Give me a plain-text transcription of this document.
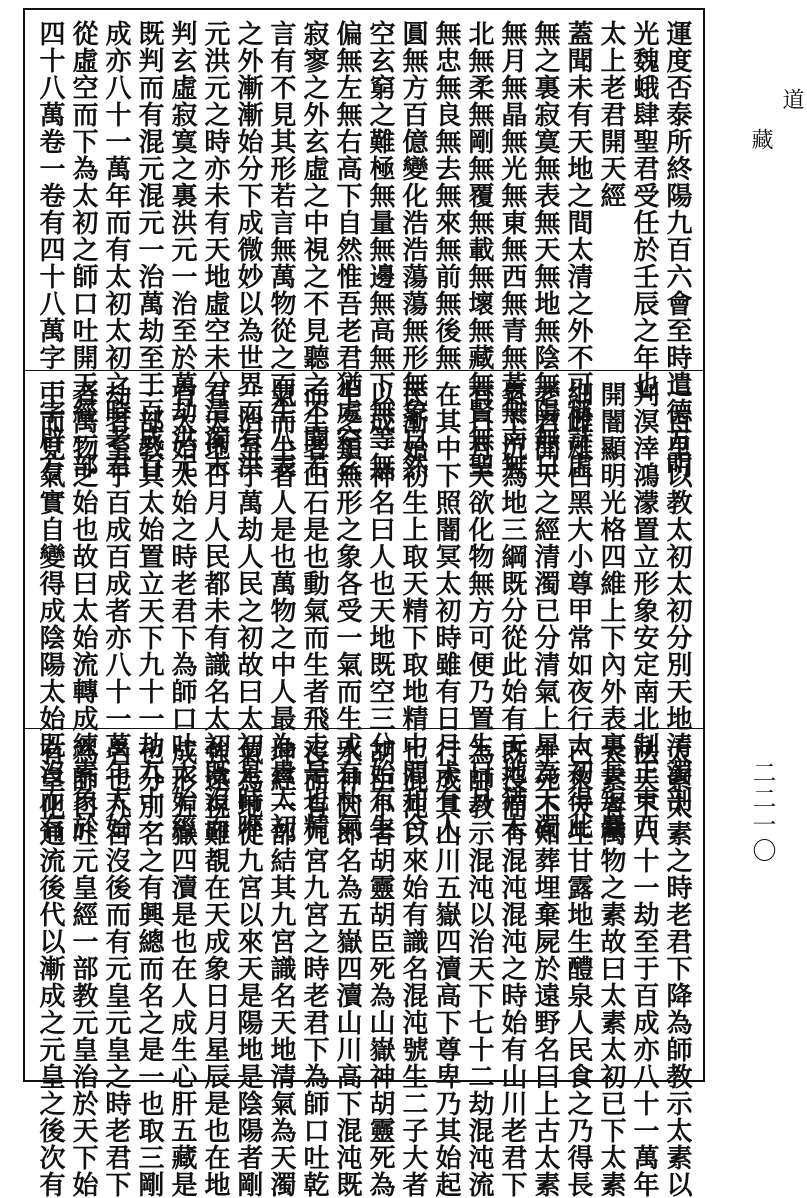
運度否泰所終陽九百六會至時遣德方明
光魏蛾肆聖君受任於壬辰之年也
太上老君開天經
蓋聞未有天地之間太清之外不可稱計虛
無之裏寂寞無表無天無地無陰無陽無日
無月無晶無光無東無西無青無黃無南無
北無柔無剛無覆無載無壞無藏無賢無聖
無忠無良無去無來無前無後無
圓無方百億變化浩浩蕩蕩無形無象自然
空玄窮之難極無量無邊無高無下無等無
偏無左無右高下自然惟吾老君猶處空玄
寂寥之外玄虛之中視之不見聽之不聞若
言有不見其形若言無萬物從之而生八表
之外漸漸始分下成微妙以為世界而有洪
元洪元之時亦未有天地虛空未分清濁未
判玄虛寂寞之裏洪元一治至於萬劫洪元
既判而有混元混元一治萬劫至于百成百
成亦八十一萬年而有太初太初之時老君
從虛空而下為太初之師口吐開天經一部
四十八萬卷一卷有四十八萬字一字辟方
一百里以教太初太初分別天地清濁剖
判溟涬鴻濛置立形象安定南北制正東西
開闇顯明光格四維上下內外表裏長短麤
細雌雄白黑大小尊甲常如夜行太初得此
老君開天之經清濁已分清氣上昇為天濁
氣下沉為地三綱既分從此始有天地猶未
有日月天欲化物無方可便乃置生日月
在其中下照闇冥太初時雖有日月未有人
民漸始初生上取天精下取地精中間和合
以成一神名曰人也天地既空三分始有生
生之類無形之象各受一氣而生或有朴氣
而生者山石是也動氣而生者飛走是也精
氣而生者人是也萬物之中人最為貴太初
一治至于萬劫人民之初故曰太初是時唯
有天地日月人民都未有識名太初既沒而
有太始太始之時老君下為師口吐太始經
一部教其太始置立天下九十一劫九十一
劫者至于百成百成者亦八十一萬年太始
者萬物之始也故曰太始流轉成練素象於
中而見氣實自變得成陰陽太始既沒而有
太素太素之時老君下降為師教示太素以
法天下八十一劫至于百成亦八十一萬年
太素者萬物之素故曰太素太初已下太素
已來天生甘露地生醴泉人民食之乃得長
生死不知葬埋棄屍於遠野名曰上古太素
既沒而有混沌混沌之時始有山川老君下
為師教示混沌以治天下七十二劫混沌流
行成其山川五嶽四瀆高下尊卑乃其始起
也混沌以來始有識名混沌號生二子大者
胡臣小者胡靈胡臣死為山嶽神胡靈死為
水神因即名為五嶽四瀆山川高下混沌既
沒而有九宮九宮之時老君下為師口吐乾
坤經一部結其九宮識名天地清氣為天濁
氣為地從九宮以來天是陽地是陰陽者剛
強遠視難覩在天成象日月星辰是也在地
成形五嶽四瀆是也在人成生心肝五藏是
也分別名之有興總而名之是一也取三剛
名也九宮沒後而有元皇元皇之時老君下
為師口吐元皇經一部教元皇治於天下始
有皇化通流後代以漸成之元皇之後次有
道
藏
二二一〇
